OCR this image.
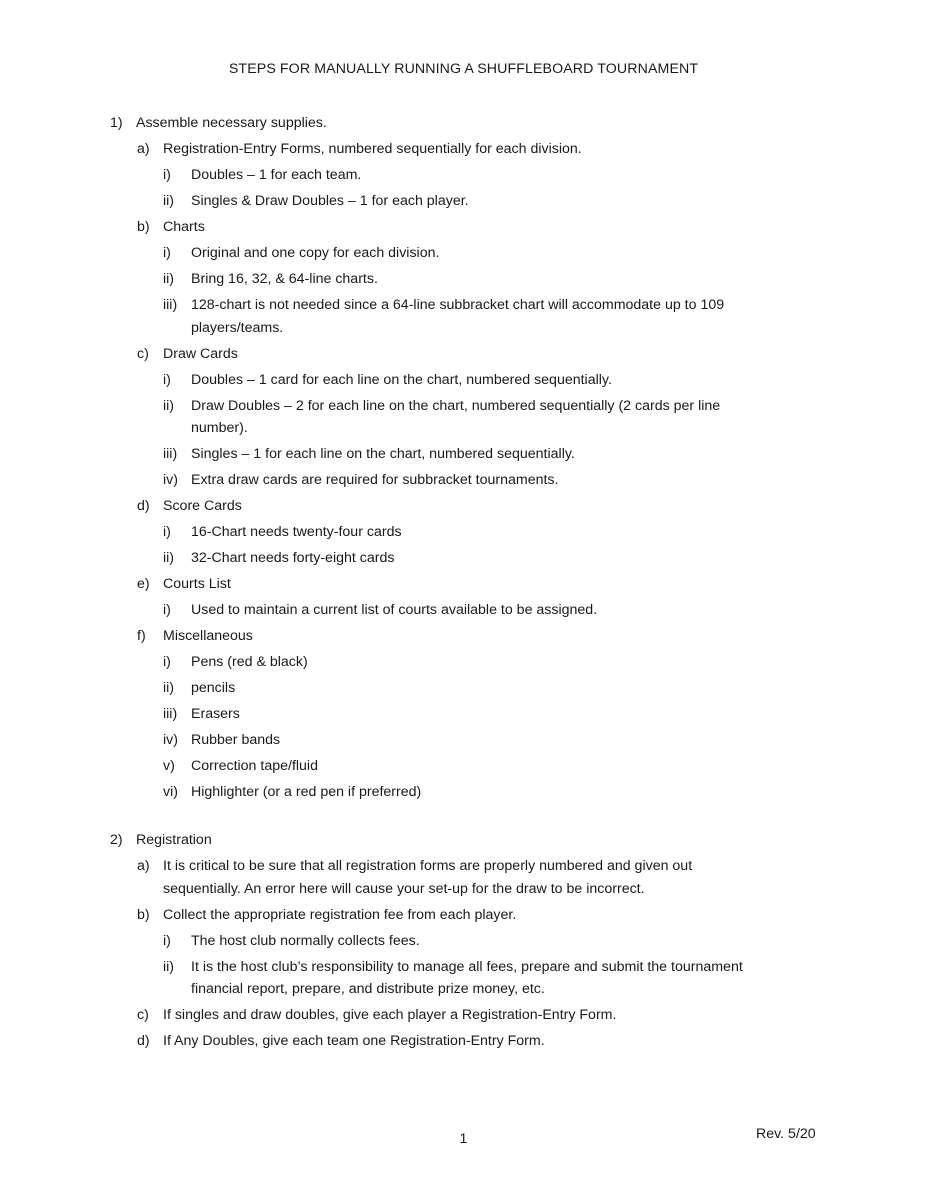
STEPS FOR MANUALLY RUNNING A SHUFFLEBOARD TOURNAMENT
1) Assemble necessary supplies.
a) Registration-Entry Forms, numbered sequentially for each division.
i) Doubles – 1 for each team.
ii) Singles & Draw Doubles – 1 for each player.
b) Charts
i) Original and one copy for each division.
ii) Bring 16, 32, & 64-line charts.
iii) 128-chart is not needed since a 64-line subbracket chart will accommodate up to 109
players/teams.
c) Draw Cards
i) Doubles – 1 card for each line on the chart, numbered sequentially.
ii) Draw Doubles – 2 for each line on the chart, numbered sequentially (2 cards per line
number).
iii) Singles – 1 for each line on the chart, numbered sequentially.
iv) Extra draw cards are required for subbracket tournaments.
d) Score Cards
i) 16-Chart needs twenty-four cards
ii) 32-Chart needs forty-eight cards
e) Courts List
i) Used to maintain a current list of courts available to be assigned.
f) Miscellaneous
i) Pens (red & black)
ii) pencils
iii) Erasers
iv) Rubber bands
v) Correction tape/fluid
vi) Highlighter (or a red pen if preferred)
2) Registration
a) It is critical to be sure that all registration forms are properly numbered and given out
sequentially. An error here will cause your set-up for the draw to be incorrect.
b) Collect the appropriate registration fee from each player.
i) The host club normally collects fees.
ii) It is the host club’s responsibility to manage all fees, prepare and submit the tournament
financial report, prepare, and distribute prize money, etc.
c) If singles and draw doubles, give each player a Registration-Entry Form.
d) If Any Doubles, give each team one Registration-Entry Form.
1	Rev. 5/20
